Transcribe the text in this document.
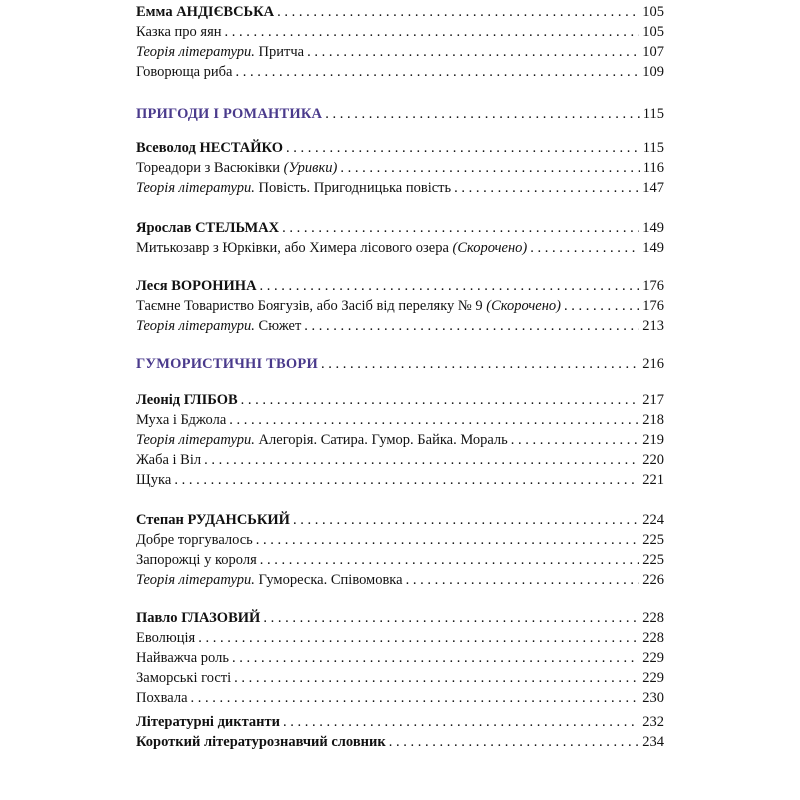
Емма АНДІЄВСЬКА . . .	105
Казка про яян . . .	105
Теорія літератури. Притча . . .	107
Говорюща риба . . .	109
ПРИГОДИ І РОМАНТИКА . . .	115
Всеволод НЕСТАЙКО . . .	115
Тореадори з Васюківки (Уривки) . . .	116
Теорія літератури. Повість. Пригодницька повість . . .	147
Ярослав СТЕЛЬМАХ . . .	149
Митькозавр з Юрківки, або Химера лісового озера (Скорочено) . . .	149
Леся ВОРОНИНА . . .	176
Таємне Товариство Боягузів, або Засіб від переляку № 9 (Скорочено) . . .	176
Теорія літератури. Сюжет . . .	213
ГУМОРИСТИЧНІ ТВОРИ . . .	216
Леонід ГЛІБОВ . . .	217
Муха і Бджола . . .	218
Теорія літератури. Алегорія. Сатира. Гумор. Байка. Мораль . . .	219
Жаба і Віл . . .	220
Щука . . .	221
Степан РУДАНСЬКИЙ . . .	224
Добре торгувалось . . .	225
Запорожці у короля . . .	225
Теорія літератури. Гумореска. Співомовка . . .	226
Павло ГЛАЗОВИЙ . . .	228
Еволюція . . .	228
Найважча роль . . .	229
Заморські гості . . .	229
Похвала . . .	230
Літературні диктанти . . .	232
Короткий літературознавчий словник . . .	234
